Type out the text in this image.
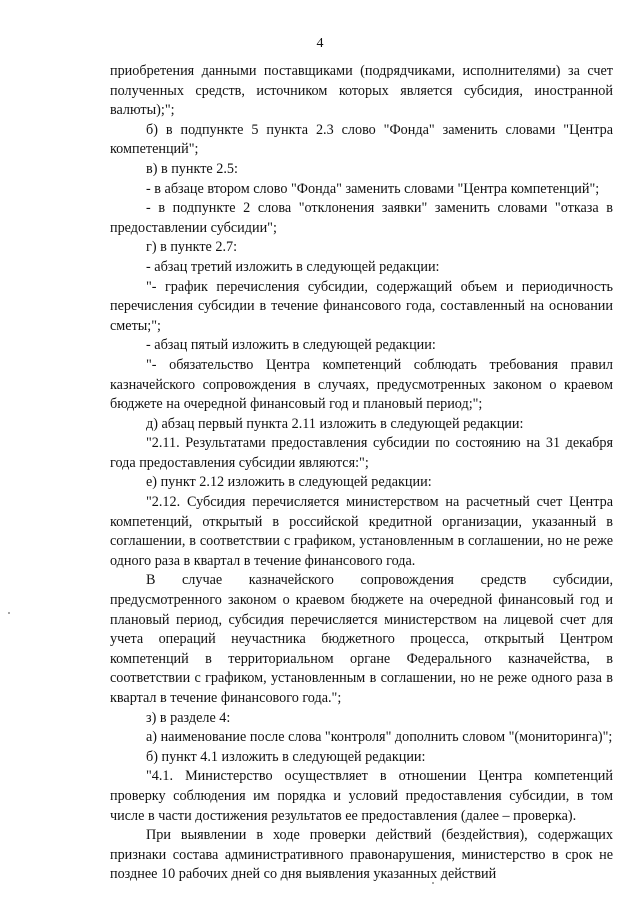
4

приобретения данными поставщиками (подрядчиками, исполнителями) за счет полученных средств, источником которых является субсидия, иностранной валюты);";

б) в подпункте 5 пункта 2.3 слово "Фонда" заменить словами "Центра компетенций";

в) в пункте 2.5:

- в абзаце втором слово "Фонда" заменить словами "Центра компетенций";

- в подпункте 2 слова "отклонения заявки" заменить словами "отказа в предоставлении субсидии";

г) в пункте 2.7:

- абзац третий изложить в следующей редакции:

"- график перечисления субсидии, содержащий объем и периодичность перечисления субсидии в течение финансового года, составленный на основании сметы;";

- абзац пятый изложить в следующей редакции:

"- обязательство Центра компетенций соблюдать требования правил казначейского сопровождения в случаях, предусмотренных законом о краевом бюджете на очередной финансовый год и плановый период;";

д) абзац первый пункта 2.11 изложить в следующей редакции:

"2.11. Результатами предоставления субсидии по состоянию на 31 декабря года предоставления субсидии являются:";

е) пункт 2.12 изложить в следующей редакции:

"2.12. Субсидия перечисляется министерством на расчетный счет Центра компетенций, открытый в российской кредитной организации, указанный в соглашении, в соответствии с графиком, установленным в соглашении, но не реже одного раза в квартал в течение финансового года.

В случае казначейского сопровождения средств субсидии, предусмотренного законом о краевом бюджете на очередной финансовый год и плановый период, субсидия перечисляется министерством на лицевой счет для учета операций неучастника бюджетного процесса, открытый Центром компетенций в территориальном органе Федерального казначейства, в соответствии с графиком, установленным в соглашении, но не реже одного раза в квартал в течение финансового года.";

з) в разделе 4:

а) наименование после слова "контроля" дополнить словом "(мониторинга)";

б) пункт 4.1 изложить в следующей редакции:

"4.1. Министерство осуществляет в отношении Центра компетенций проверку соблюдения им порядка и условий предоставления субсидии, в том числе в части достижения результатов ее предоставления (далее – проверка).

При выявлении в ходе проверки действий (бездействия), содержащих признаки состава административного правонарушения, министерство в срок не позднее 10 рабочих дней со дня выявления указанных действий
